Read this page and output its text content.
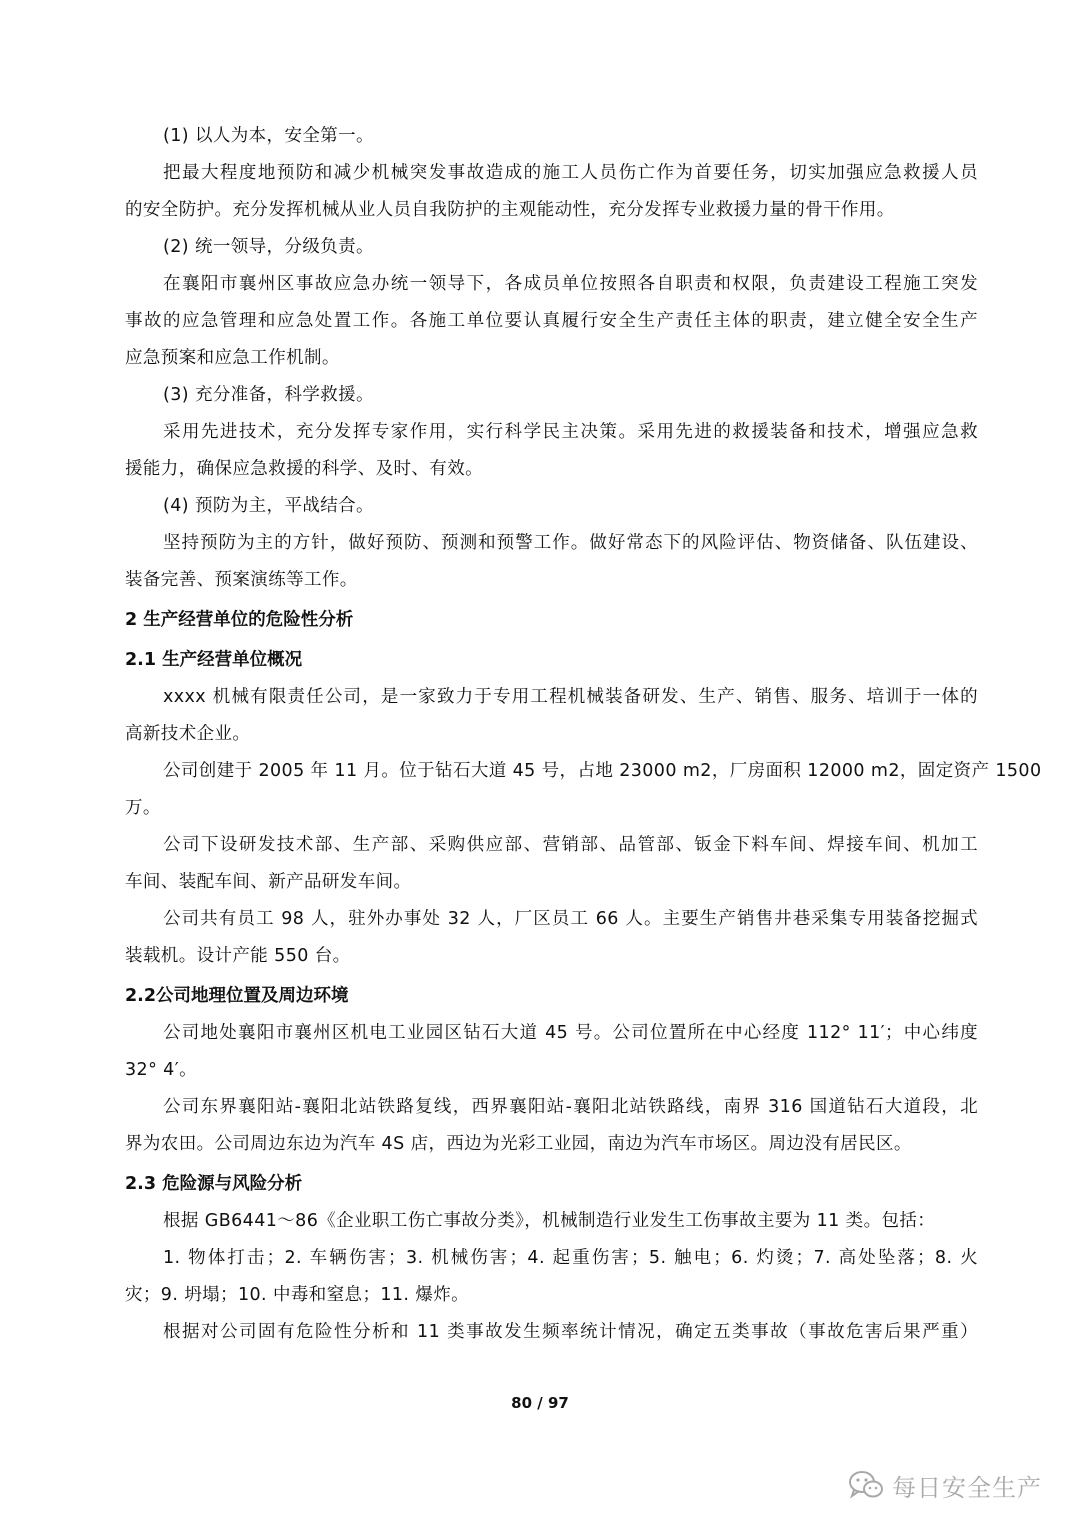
(1) 以人为本，安全第一。
把最大程度地预防和减少机械突发事故造成的施工人员伤亡作为首要任务，切实加强应急救援人员
的安全防护。充分发挥机械从业人员自我防护的主观能动性，充分发挥专业救援力量的骨干作用。
(2) 统一领导，分级负责。
在襄阳市襄州区事故应急办统一领导下，各成员单位按照各自职责和权限，负责建设工程施工突发
事故的应急管理和应急处置工作。各施工单位要认真履行安全生产责任主体的职责，建立健全安全生产
应急预案和应急工作机制。
(3) 充分准备，科学救援。
采用先进技术，充分发挥专家作用，实行科学民主决策。采用先进的救援装备和技术，增强应急救
援能力，确保应急救援的科学、及时、有效。
(4) 预防为主，平战结合。
坚持预防为主的方针，做好预防、预测和预警工作。做好常态下的风险评估、物资储备、队伍建设、
装备完善、预案演练等工作。
2 生产经营单位的危险性分析
2.1 生产经营单位概况
xxxx 机械有限责任公司，是一家致力于专用工程机械装备研发、生产、销售、服务、培训于一体的
高新技术企业。
公司创建于 2005 年 11 月。位于钻石大道 45 号，占地 23000 m2，厂房面积 12000 m2，固定资产 1500
万。
公司下设研发技术部、生产部、采购供应部、营销部、品管部、钣金下料车间、焊接车间、机加工
车间、装配车间、新产品研发车间。
公司共有员工 98 人，驻外办事处 32 人，厂区员工 66 人。主要生产销售井巷采集专用装备挖掘式
装载机。设计产能 550 台。
2.2公司地理位置及周边环境
公司地处襄阳市襄州区机电工业园区钻石大道 45 号。公司位置所在中心经度 112° 11′；中心纬度
32° 4′。
公司东界襄阳站-襄阳北站铁路复线，西界襄阳站-襄阳北站铁路线，南界 316 国道钻石大道段，北
界为农田。公司周边东边为汽车 4S 店，西边为光彩工业园，南边为汽车市场区。周边没有居民区。
2.3 危险源与风险分析
根据 GB6441～86《企业职工伤亡事故分类》，机械制造行业发生工伤事故主要为 11 类。包括：
1. 物体打击；2. 车辆伤害；3. 机械伤害；4. 起重伤害；5. 触电；6. 灼烫；7. 高处坠落；8. 火
灾；9. 坍塌；10. 中毒和窒息；11. 爆炸。
根据对公司固有危险性分析和 11 类事故发生频率统计情况，确定五类事故（事故危害后果严重）
80 / 97
每日安全生产
